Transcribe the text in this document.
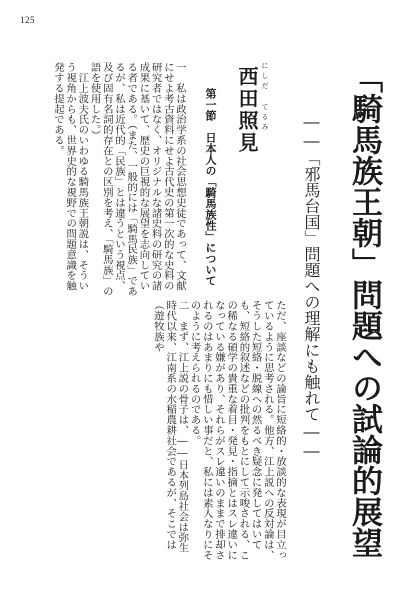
125
「騎馬族王朝」問題への試論的展望
――「邪馬台国」問題への理解にも触れて――
にしだ てるみ
西田照見
第一節　日本人の「騎馬族性」について

一　私は政治学系の社会思想史徒であって、文献にせよ考古資料にせよ古代史の第一次的な史料の研究者ではなく、オリジナルな諸史料の研究の諸成果に基いて、歴史の巨視的な展望を志向している者である。（また、一般的には「騎馬民族」であるが、私は近代的「民族」とは違うという視点、及び固有名詞的存在との区別を考え、「騎馬族」の語を使用した。）
　江上波夫氏のいわゆる騎馬族王朝説は、そういう視角からも、世界史的な視野での問題意識を触発する提起である。

ただ、座談などの論旨に短絡的・放談的な表現が目立っているように思考される。他方、江上説への反対論は、そうした短絡・脱線への然るべき疑念に発してはいても、短絡的叙述などの批判をもとにして示唆される、この稀なる碩学の貴重な着目・発見・指摘とはスレ違いになっている嫌があり、それらがスレ違いのままで排却されるのはあまりにも惜しい事だと、私には素人なりにそのように考えられるのである。
二　まず、江上説の骨子は、――日本列島社会は弥生時代以来、江南系の水稲農耕社会であるが、そこでは（遊牧族や
